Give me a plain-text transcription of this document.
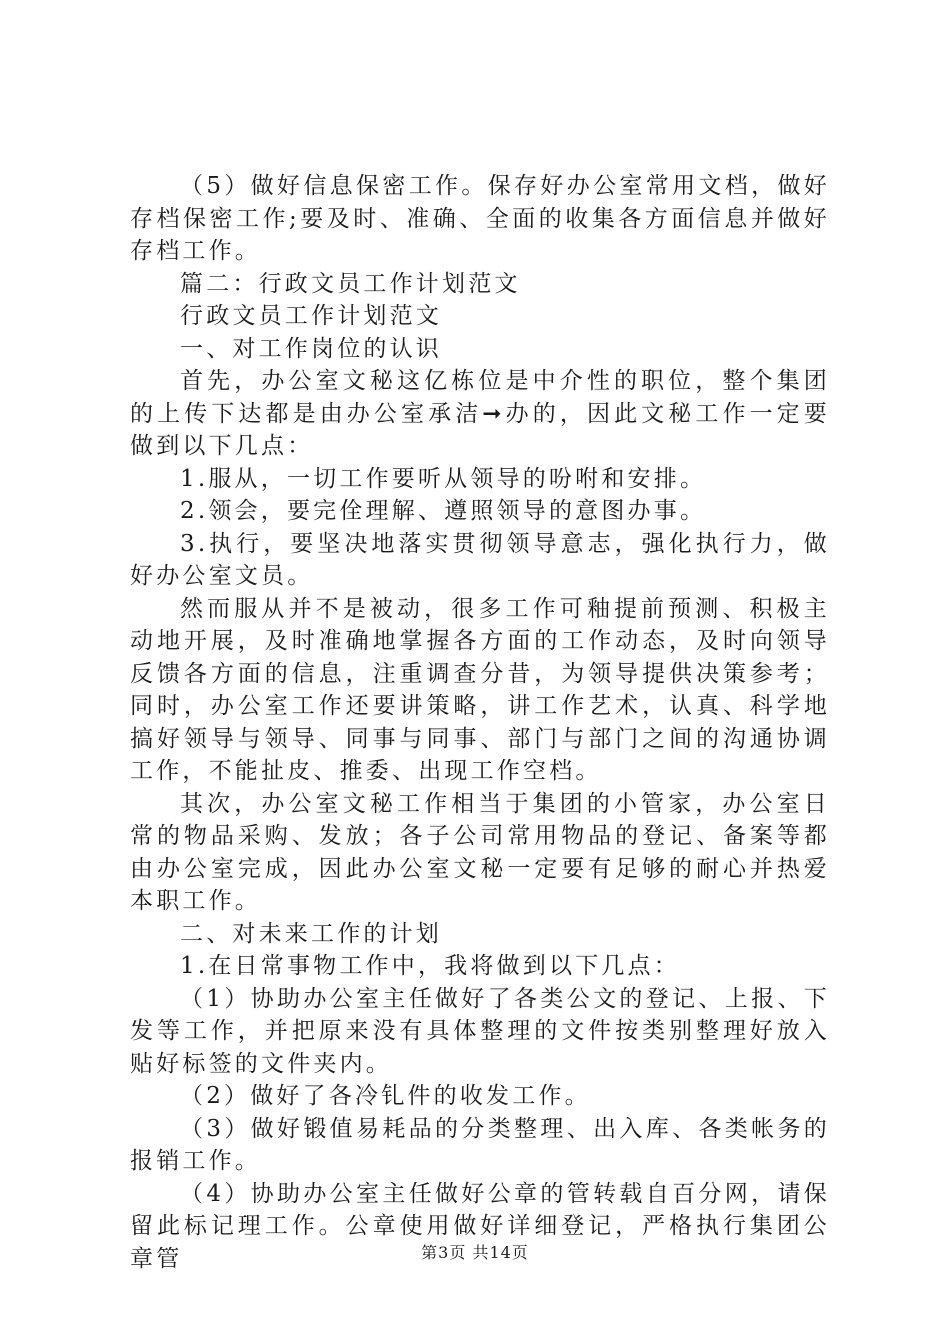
（5）做好信息保密工作。保存好办公室常用文档，做好存档保密工作;要及时、准确、全面的收集各方面信息并做好存档工作。

篇二：行政文员工作计划范文

行政文员工作计划范文

一、对工作岗位的认识

首先，办公室文秘这亿栋位是中介性的职位，整个集团的上传下达都是由办公室承洁➞办的，因此文秘工作一定要做到以下几点：

1.服从，一切工作要听从领导的吩咐和安排。

2.领会，要完佺理解、遵照领导的意图办事。

3.执行，要坚决地落实贯彻领导意志，强化执行力，做好办公室文员。

然而服从并不是被动，很多工作可釉提前预测、积极主动地开展，及时准确地掌握各方面的工作动态，及时向领导反馈各方面的信息，注重调查分昔，为领导提供决策参考；同时，办公室工作还要讲策略，讲工作艺术，认真、科学地搞好领导与领导、同事与同事、部门与部门之间的沟通协调工作，不能扯皮、推委、出现工作空档。

其次，办公室文秘工作相当于集团的小管家，办公室日常的物品采购、发放；各子公司常用物品的登记、备案等都由办公室完成，因此办公室文秘一定要有足够的耐心并热爱本职工作。

二、对未来工作的计划

1.在日常事物工作中，我将做到以下几点：

（1）协助办公室主任做好了各类公文的登记、上报、下发等工作，并把原来没有具体整理的文件按类别整理好放入贴好标签的文件夹内。

（2）做好了各冷钆件的收发工作。

（3）做好锻值易耗品的分类整理、出入库、各类帐务的报销工作。

（4）协助办公室主任做好公章的管转载自百分网，请保留此标记理工作。公章使用做好详细登记，严格执行集团公章管	第3页 共14页
